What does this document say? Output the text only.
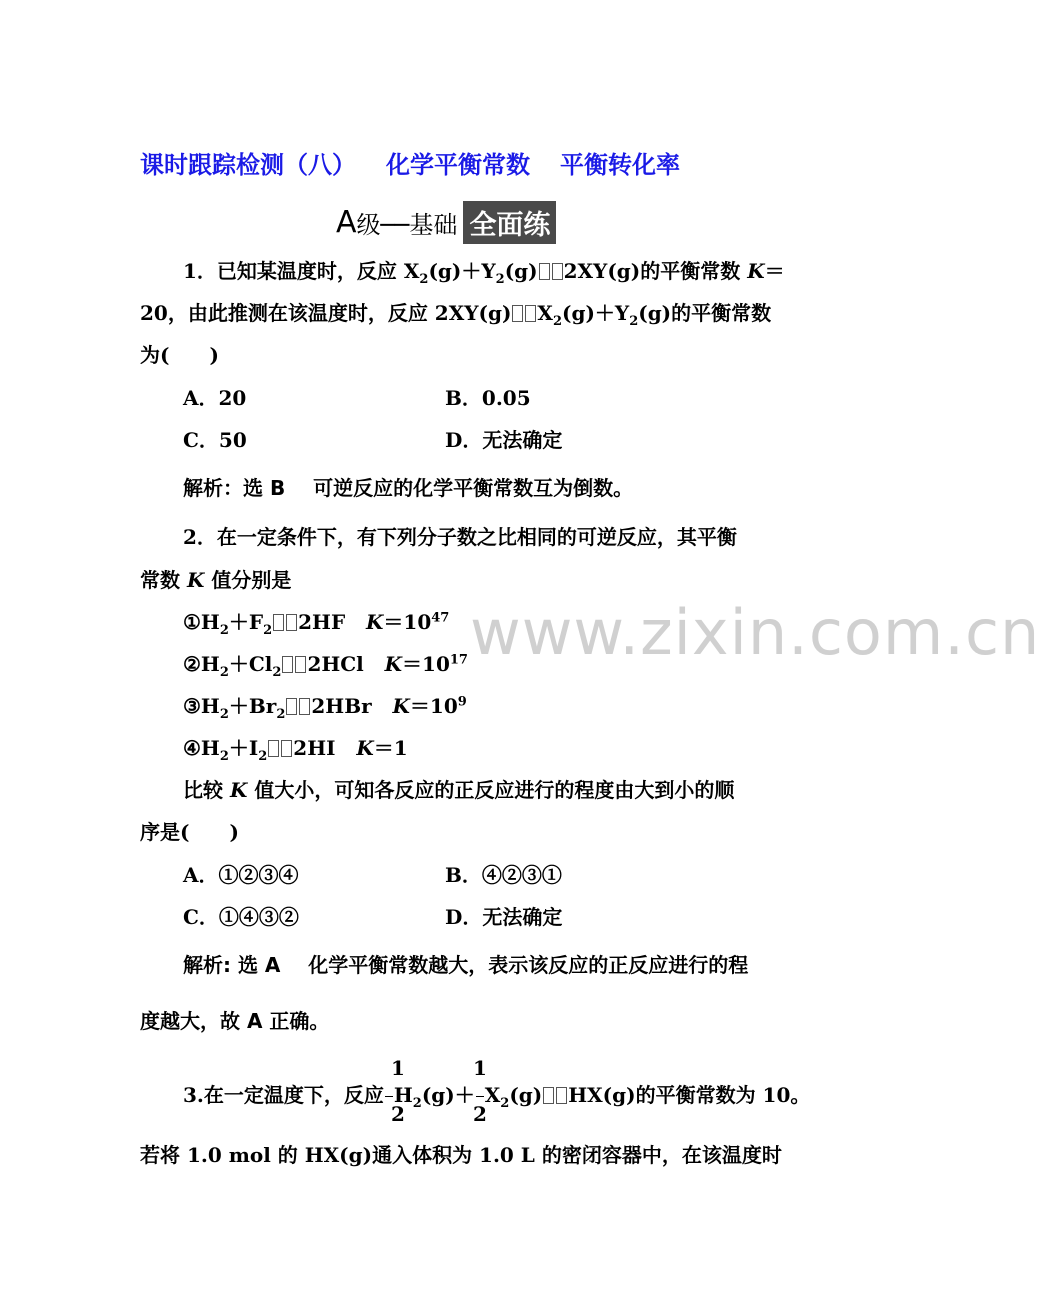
课时跟踪检测（八） 化学平衡常数 平衡转化率
A 级──基础 全面练
www.zixin.com.cn
1．已知某温度时，反应 $X_2(g)+Y_2(g)$ 2XY(g)的平衡常数 K＝
20，由此推测在该温度时，反应 2XY(g) $X_2(g)+Y_2(g)$的平衡常数
为(　　)
A．20	B．0.05
C．50	D．无法确定
解析：选 B 可逆反应的化学平衡常数互为倒数。
2．在一定条件下，有下列分子数之比相同的可逆反应，其平衡
常数 K 值分别是
$①H_2+F_2$ 2HF $K=10^{47}$
$②H_2+Cl_2$ 2HCl $K=10^{17}$
$③H_2+Br_2$ 2HBr $K=10^9$
$④H_2+I_2$ 2HI K＝1
比较 K 值大小，可知各反应的正反应进行的程度由大到小的顺
序是(　　)
A．①②③④	B．④②③①
C．①④③②	D．无法确定
解析: 选 A 化学平衡常数越大，表示该反应的正反应进行的程
度越大，故 A 正确。
1
2
1
2
3.在一定温度下，反应 $H_2(g)+ X_2(g)$ HX(g)的平衡常数为 10。
若将 1.0 mol 的 HX(g)通入体积为 1.0 L 的密闭容器中，在该温度时
